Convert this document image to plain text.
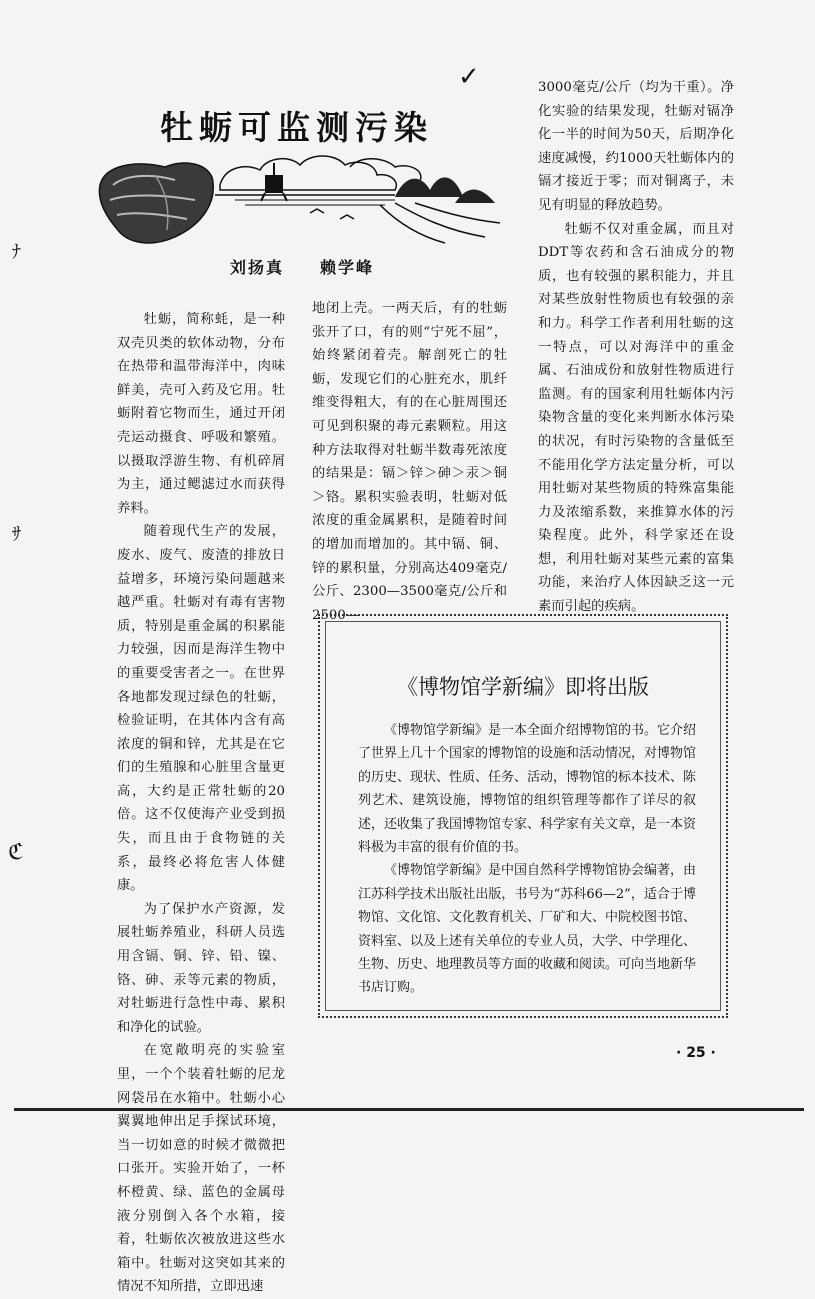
✓
牡蛎可监测污染
刘扬真　　赖学峰
ﾅ
ｻ
ℭ

牡蛎，简称蚝，是一种双壳贝类的软体动物，分布在热带和温带海洋中，肉味鲜美，壳可入药及它用。牡蛎附着它物而生，通过开闭壳运动摄食、呼吸和繁殖。以摄取浮游生物、有机碎屑为主，通过鳃滤过水而获得养料。

随着现代生产的发展，废水、废气、废渣的排放日益增多，环境污染问题越来越严重。牡蛎对有毒有害物质，特别是重金属的积累能力较强，因而是海洋生物中的重要受害者之一。在世界各地都发现过绿色的牡蛎，检验证明，在其体内含有高浓度的铜和锌，尤其是在它们的生殖腺和心脏里含量更高，大约是正常牡蛎的20倍。这不仅使海产业受到损失，而且由于食物链的关系，最终必将危害人体健康。

为了保护水产资源，发展牡蛎养殖业，科研人员选用含镉、铜、锌、铅、镍、铬、砷、汞等元素的物质，对牡蛎进行急性中毒、累积和净化的试验。

在宽敞明亮的实验室里，一个个装着牡蛎的尼龙网袋吊在水箱中。牡蛎小心翼翼地伸出足手探试环境，当一切如意的时候才微微把口张开。实验开始了，一杯杯橙黄、绿、蓝色的金属母液分别倒入各个水箱，接着，牡蛎依次被放进这些水箱中。牡蛎对这突如其来的情况不知所措，立即迅速

地闭上壳。一两天后，有的牡蛎张开了口，有的则“宁死不屈”，始终紧闭着壳。解剖死亡的牡蛎，发现它们的心脏充水，肌纤维变得粗大，有的在心脏周围还可见到积聚的毒元素颗粒。用这种方法取得对牡蛎半数毒死浓度的结果是：镉＞锌＞砷＞汞＞铜＞铬。累积实验表明，牡蛎对低浓度的重金属累积，是随着时间的增加而增加的。其中镉、铜、锌的累积量，分别高达409毫克/公斤、2300—3500毫克/公斤和2500—

3000毫克/公斤（均为干重）。净化实验的结果发现，牡蛎对镉净化一半的时间为50天，后期净化速度减慢，约1000天牡蛎体内的镉才接近于零；而对铜离子，未见有明显的释放趋势。

牡蛎不仅对重金属，而且对DDT等农药和含石油成分的物质，也有较强的累积能力，并且对某些放射性物质也有较强的亲和力。科学工作者利用牡蛎的这一特点，可以对海洋中的重金属、石油成份和放射性物质进行监测。有的国家利用牡蛎体内污染物含量的变化来判断水体污染的状况，有时污染物的含量低至不能用化学方法定量分析，可以用牡蛎对某些物质的特殊富集能力及浓缩系数，来推算水体的污染程度。此外，科学家还在设想，利用牡蛎对某些元素的富集功能，来治疗人体因缺乏这一元素而引起的疾病。

《博物馆学新编》即将出版

《博物馆学新编》是一本全面介绍博物馆的书。它介绍了世界上几十个国家的博物馆的设施和活动情况，对博物馆的历史、现状、性质、任务、活动，博物馆的标本技术、陈列艺术、建筑设施，博物馆的组织管理等都作了详尽的叙述，还收集了我国博物馆专家、科学家有关文章，是一本资料极为丰富的很有价值的书。

《博物馆学新编》是中国自然科学博物馆协会编著，由江苏科学技术出版社出版，书号为“苏科66—2”，适合于博物馆、文化馆、文化教育机关、厂矿和大、中院校图书馆、资料室、以及上述有关单位的专业人员，大学、中学理化、生物、历史、地理教员等方面的收藏和阅读。可向当地新华书店订购。

· 25 ·
